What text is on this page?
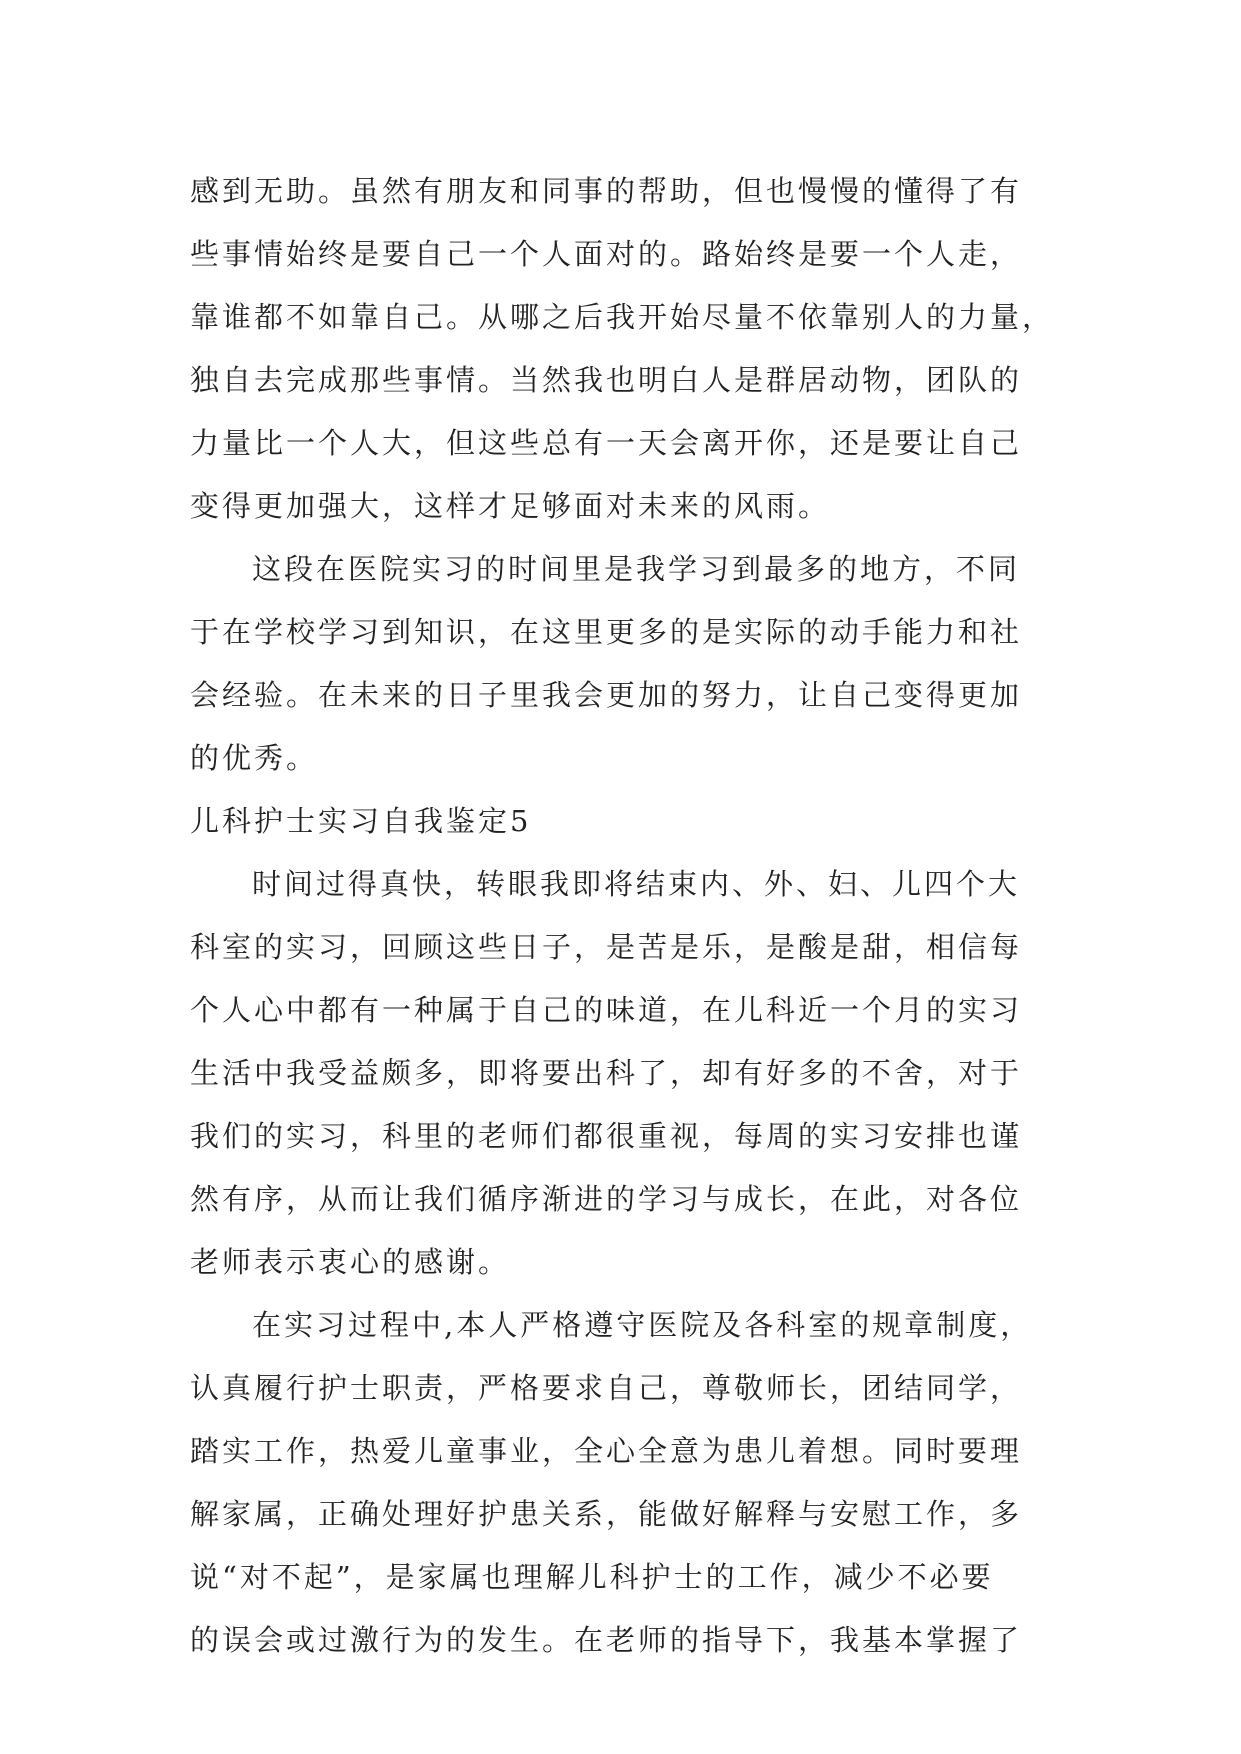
感到无助。虽然有朋友和同事的帮助，但也慢慢的懂得了有
些事情始终是要自己一个人面对的。路始终是要一个人走，
靠谁都不如靠自己。从哪之后我开始尽量不依靠别人的力量，
独自去完成那些事情。当然我也明白人是群居动物，团队的
力量比一个人大，但这些总有一天会离开你，还是要让自己
变得更加强大，这样才足够面对未来的风雨。
这段在医院实习的时间里是我学习到最多的地方，不同
于在学校学习到知识，在这里更多的是实际的动手能力和社
会经验。在未来的日子里我会更加的努力，让自己变得更加
的优秀。
儿科护士实习自我鉴定5
时间过得真快，转眼我即将结束内、外、妇、儿四个大
科室的实习，回顾这些日子，是苦是乐，是酸是甜，相信每
个人心中都有一种属于自己的味道，在儿科近一个月的实习
生活中我受益颇多，即将要出科了，却有好多的不舍，对于
我们的实习，科里的老师们都很重视，每周的实习安排也谨
然有序，从而让我们循序渐进的学习与成长，在此，对各位
老师表示衷心的感谢。
在实习过程中,本人严格遵守医院及各科室的规章制度，
认真履行护士职责，严格要求自己，尊敬师长，团结同学，
踏实工作，热爱儿童事业，全心全意为患儿着想。同时要理
解家属，正确处理好护患关系，能做好解释与安慰工作，多
说“对不起”，是家属也理解儿科护士的工作，减少不必要
的误会或过激行为的发生。在老师的指导下，我基本掌握了
